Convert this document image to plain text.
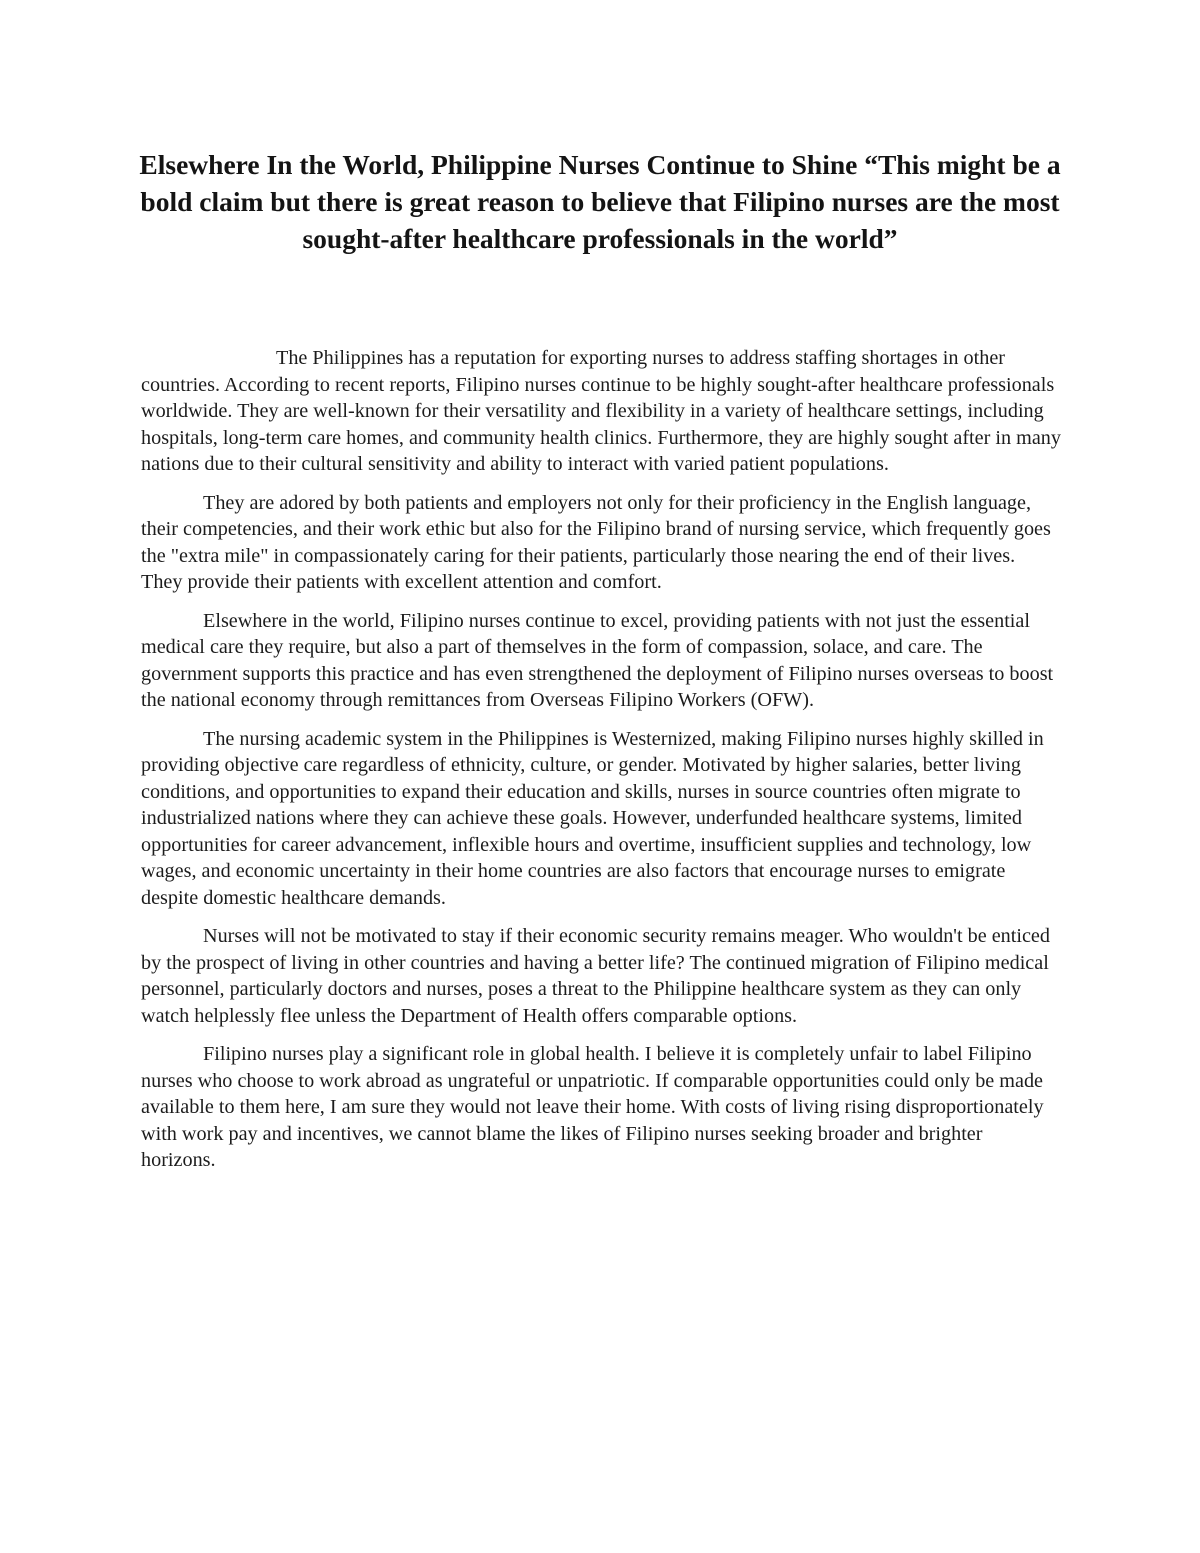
Elsewhere In the World, Philippine Nurses Continue to Shine “This might be a bold claim but there is great reason to believe that Filipino nurses are the most sought-after healthcare professionals in the world”

The Philippines has a reputation for exporting nurses to address staffing shortages in other countries. According to recent reports, Filipino nurses continue to be highly sought-after healthcare professionals worldwide. They are well-known for their versatility and flexibility in a variety of healthcare settings, including hospitals, long-term care homes, and community health clinics. Furthermore, they are highly sought after in many nations due to their cultural sensitivity and ability to interact with varied patient populations.

They are adored by both patients and employers not only for their proficiency in the English language, their competencies, and their work ethic but also for the Filipino brand of nursing service, which frequently goes the "extra mile" in compassionately caring for their patients, particularly those nearing the end of their lives. They provide their patients with excellent attention and comfort.

Elsewhere in the world, Filipino nurses continue to excel, providing patients with not just the essential medical care they require, but also a part of themselves in the form of compassion, solace, and care. The government supports this practice and has even strengthened the deployment of Filipino nurses overseas to boost the national economy through remittances from Overseas Filipino Workers (OFW).

The nursing academic system in the Philippines is Westernized, making Filipino nurses highly skilled in providing objective care regardless of ethnicity, culture, or gender. Motivated by higher salaries, better living conditions, and opportunities to expand their education and skills, nurses in source countries often migrate to industrialized nations where they can achieve these goals. However, underfunded healthcare systems, limited opportunities for career advancement, inflexible hours and overtime, insufficient supplies and technology, low wages, and economic uncertainty in their home countries are also factors that encourage nurses to emigrate despite domestic healthcare demands.

Nurses will not be motivated to stay if their economic security remains meager. Who wouldn't be enticed by the prospect of living in other countries and having a better life? The continued migration of Filipino medical personnel, particularly doctors and nurses, poses a threat to the Philippine healthcare system as they can only watch helplessly flee unless the Department of Health offers comparable options.

Filipino nurses play a significant role in global health. I believe it is completely unfair to label Filipino nurses who choose to work abroad as ungrateful or unpatriotic. If comparable opportunities could only be made available to them here, I am sure they would not leave their home. With costs of living rising disproportionately with work pay and incentives, we cannot blame the likes of Filipino nurses seeking broader and brighter horizons.
